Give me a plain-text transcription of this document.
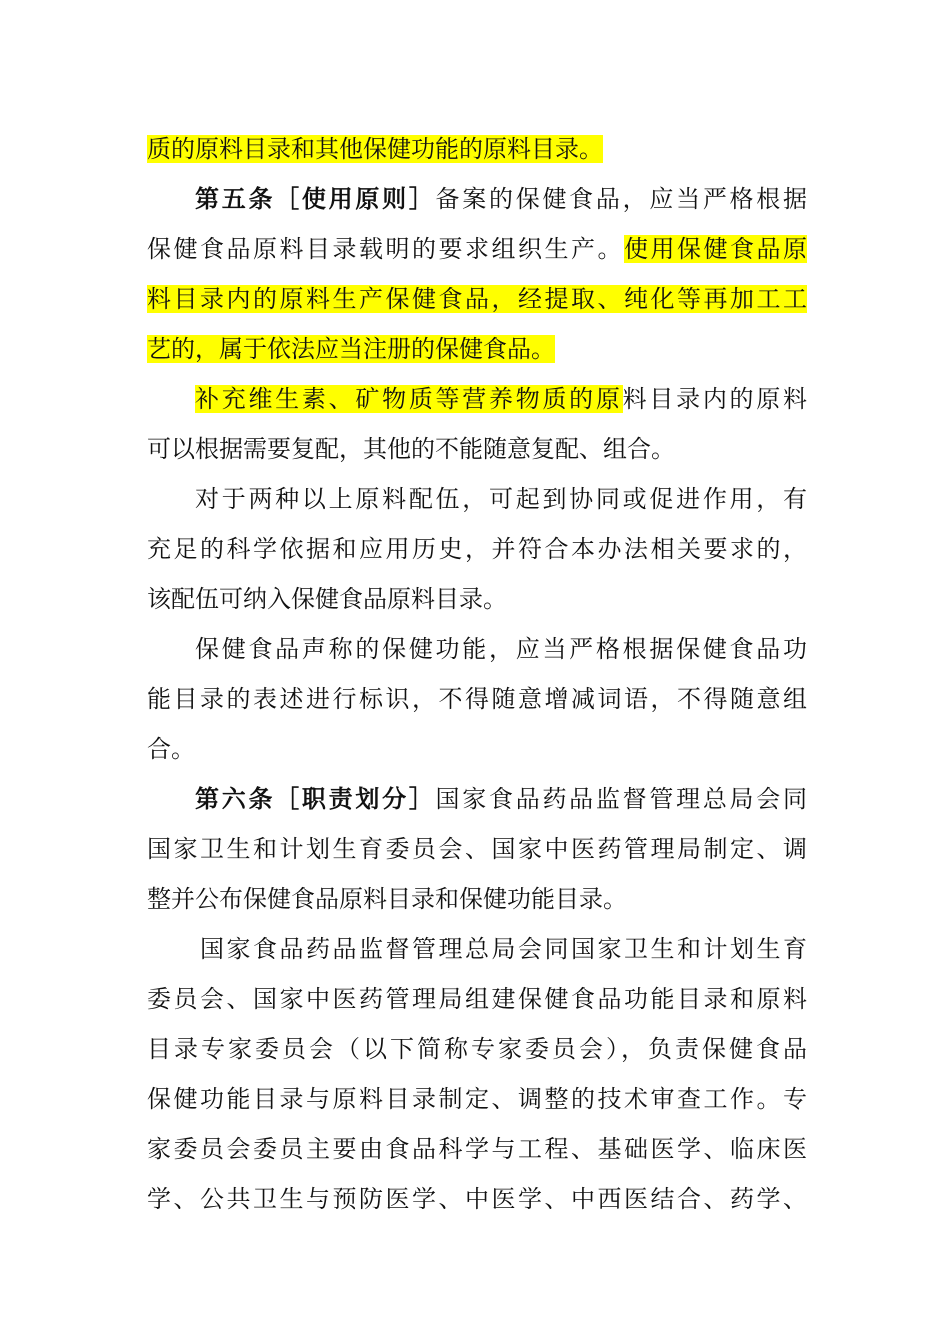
质的原料目录和其他保健功能的原料目录。
第五条［使用原则］备案的保健食品，应当严格根据
保健食品原料目录载明的要求组织生产。使用保健食品原
料目录内的原料生产保健食品，经提取、纯化等再加工工
艺的，属于依法应当注册的保健食品。
补充维生素、矿物质等营养物质的原料目录内的原料
可以根据需要复配，其他的不能随意复配、组合。
对于两种以上原料配伍，可起到协同或促进作用，有
充足的科学依据和应用历史，并符合本办法相关要求的，
该配伍可纳入保健食品原料目录。
保健食品声称的保健功能，应当严格根据保健食品功
能目录的表述进行标识，不得随意增减词语，不得随意组
合。
第六条［职责划分］国家食品药品监督管理总局会同
国家卫生和计划生育委员会、国家中医药管理局制定、调
整并公布保健食品原料目录和保健功能目录。
国家食品药品监督管理总局会同国家卫生和计划生育
委员会、国家中医药管理局组建保健食品功能目录和原料
目录专家委员会（以下简称专家委员会），负责保健食品
保健功能目录与原料目录制定、调整的技术审查工作。专
家委员会委员主要由食品科学与工程、基础医学、临床医
学、公共卫生与预防医学、中医学、中西医结合、药学、
